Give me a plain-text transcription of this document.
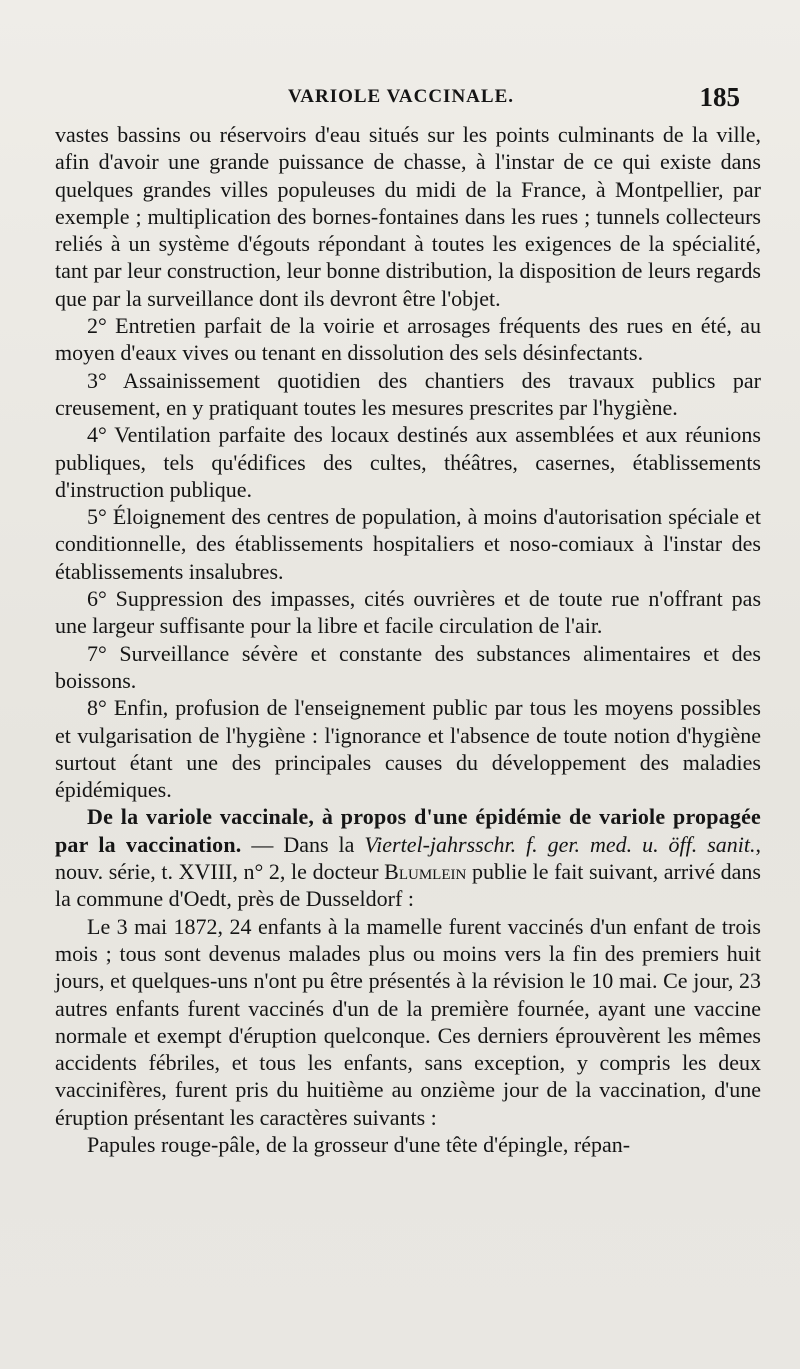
VARIOLE VACCINALE.	185

vastes bassins ou réservoirs d'eau situés sur les points culminants de la ville, afin d'avoir une grande puissance de chasse, à l'instar de ce qui existe dans quelques grandes villes populeuses du midi de la France, à Montpellier, par exemple ; multiplication des bornes-fontaines dans les rues ; tunnels collecteurs reliés à un système d'égouts répondant à toutes les exigences de la spécialité, tant par leur construction, leur bonne distribution, la disposition de leurs regards que par la surveillance dont ils devront être l'objet.

2° Entretien parfait de la voirie et arrosages fréquents des rues en été, au moyen d'eaux vives ou tenant en dissolution des sels désinfectants.

3° Assainissement quotidien des chantiers des travaux publics par creusement, en y pratiquant toutes les mesures prescrites par l'hygiène.

4° Ventilation parfaite des locaux destinés aux assemblées et aux réunions publiques, tels qu'édifices des cultes, théâtres, casernes, établissements d'instruction publique.

5° Éloignement des centres de population, à moins d'autorisation spéciale et conditionnelle, des établissements hospitaliers et noso-comiaux à l'instar des établissements insalubres.

6° Suppression des impasses, cités ouvrières et de toute rue n'offrant pas une largeur suffisante pour la libre et facile circulation de l'air.

7° Surveillance sévère et constante des substances alimentaires et des boissons.

8° Enfin, profusion de l'enseignement public par tous les moyens possibles et vulgarisation de l'hygiène : l'ignorance et l'absence de toute notion d'hygiène surtout étant une des principales causes du développement des maladies épidémiques.

De la variole vaccinale, à propos d'une épidémie de variole propagée par la vaccination. — Dans la Viertel-jahrsschr. f. ger. med. u. öff. sanit., nouv. série, t. XVIII, n° 2, le docteur Blumlein publie le fait suivant, arrivé dans la commune d'Oedt, près de Dusseldorf :

Le 3 mai 1872, 24 enfants à la mamelle furent vaccinés d'un enfant de trois mois ; tous sont devenus malades plus ou moins vers la fin des premiers huit jours, et quelques-uns n'ont pu être présentés à la révision le 10 mai. Ce jour, 23 autres enfants furent vaccinés d'un de la première fournée, ayant une vaccine normale et exempt d'éruption quelconque. Ces derniers éprouvèrent les mêmes accidents fébriles, et tous les enfants, sans exception, y compris les deux vaccinifères, furent pris du huitième au onzième jour de la vaccination, d'une éruption présentant les caractères suivants :

Papules rouge-pâle, de la grosseur d'une tête d'épingle, répan-
